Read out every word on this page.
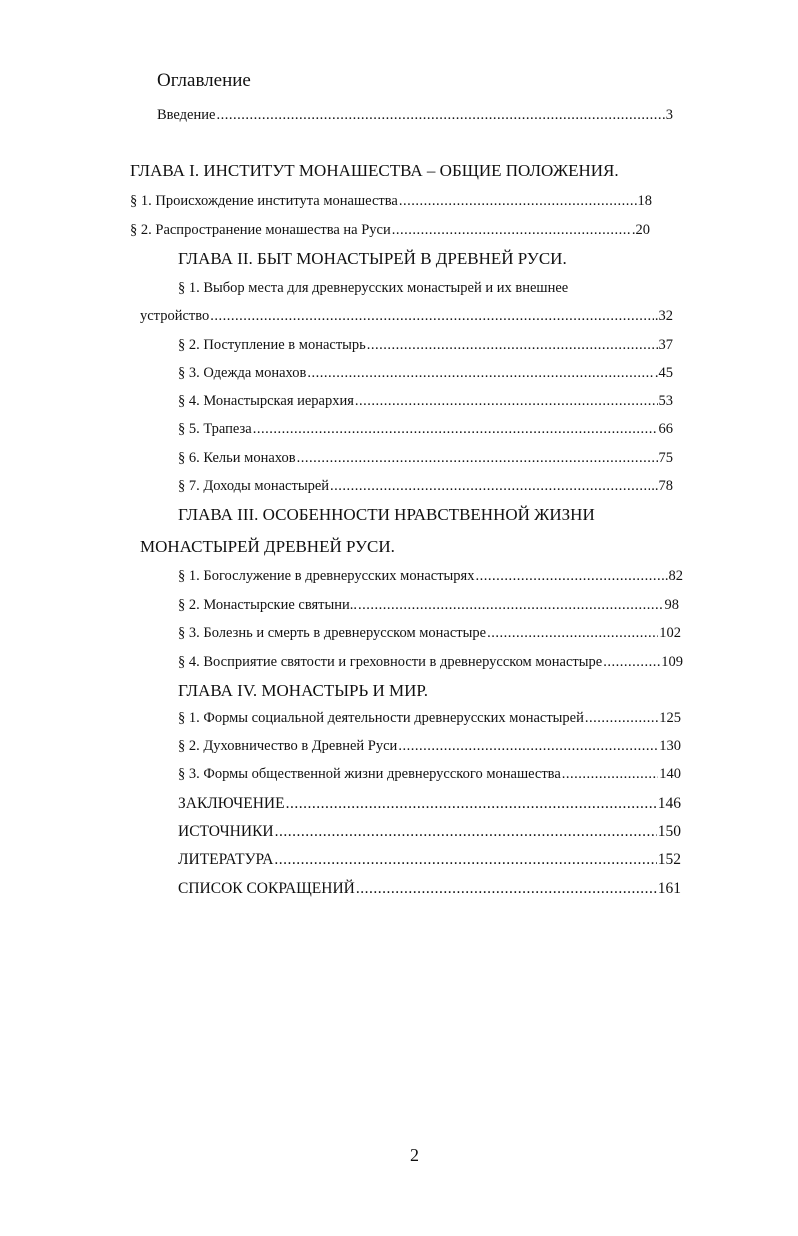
Оглавление
Введение .....	3
ГЛАВА I. ИНСТИТУТ МОНАШЕСТВА – ОБЩИЕ ПОЛОЖЕНИЯ.
§ 1. Происхождение института монашества .....	18
§ 2. Распространение монашества на Руси .....	.20
ГЛАВА II. БЫТ МОНАСТЫРЕЙ В ДРЕВНЕЙ РУСИ.
§ 1. Выбор места для древнерусских монастырей и их внешнее
устройство .....	.32
§ 2. Поступление в монастырь .....	37
§ 3. Одежда монахов .....	.45
§ 4. Монастырская иерархия .....	53
§ 5. Трапеза .....	66
§ 6. Кельи монахов .....	75
§ 7. Доходы монастырей .....	..78
ГЛАВА III. ОСОБЕННОСТИ НРАВСТВЕННОЙ ЖИЗНИ
МОНАСТЫРЕЙ ДРЕВНЕЙ РУСИ.
§ 1. Богослужение в древнерусских монастырях .....	.82
§ 2. Монастырские святыни.. .....	98
§ 3. Болезнь и смерть в древнерусском монастыре .....	102
§ 4. Восприятие святости и греховности в древнерусском монастыре .....	109
ГЛАВА IV. МОНАСТЫРЬ И МИР.
§ 1. Формы социальной деятельности древнерусских монастырей .....	125
§ 2. Духовничество в Древней Руси .....	130
§ 3. Формы общественной жизни древнерусского монашества .....	140
ЗАКЛЮЧЕНИЕ .....	146
ИСТОЧНИКИ .....	150
ЛИТЕРАТУРА .....	152
СПИСОК СОКРАЩЕНИЙ .....	161
2
